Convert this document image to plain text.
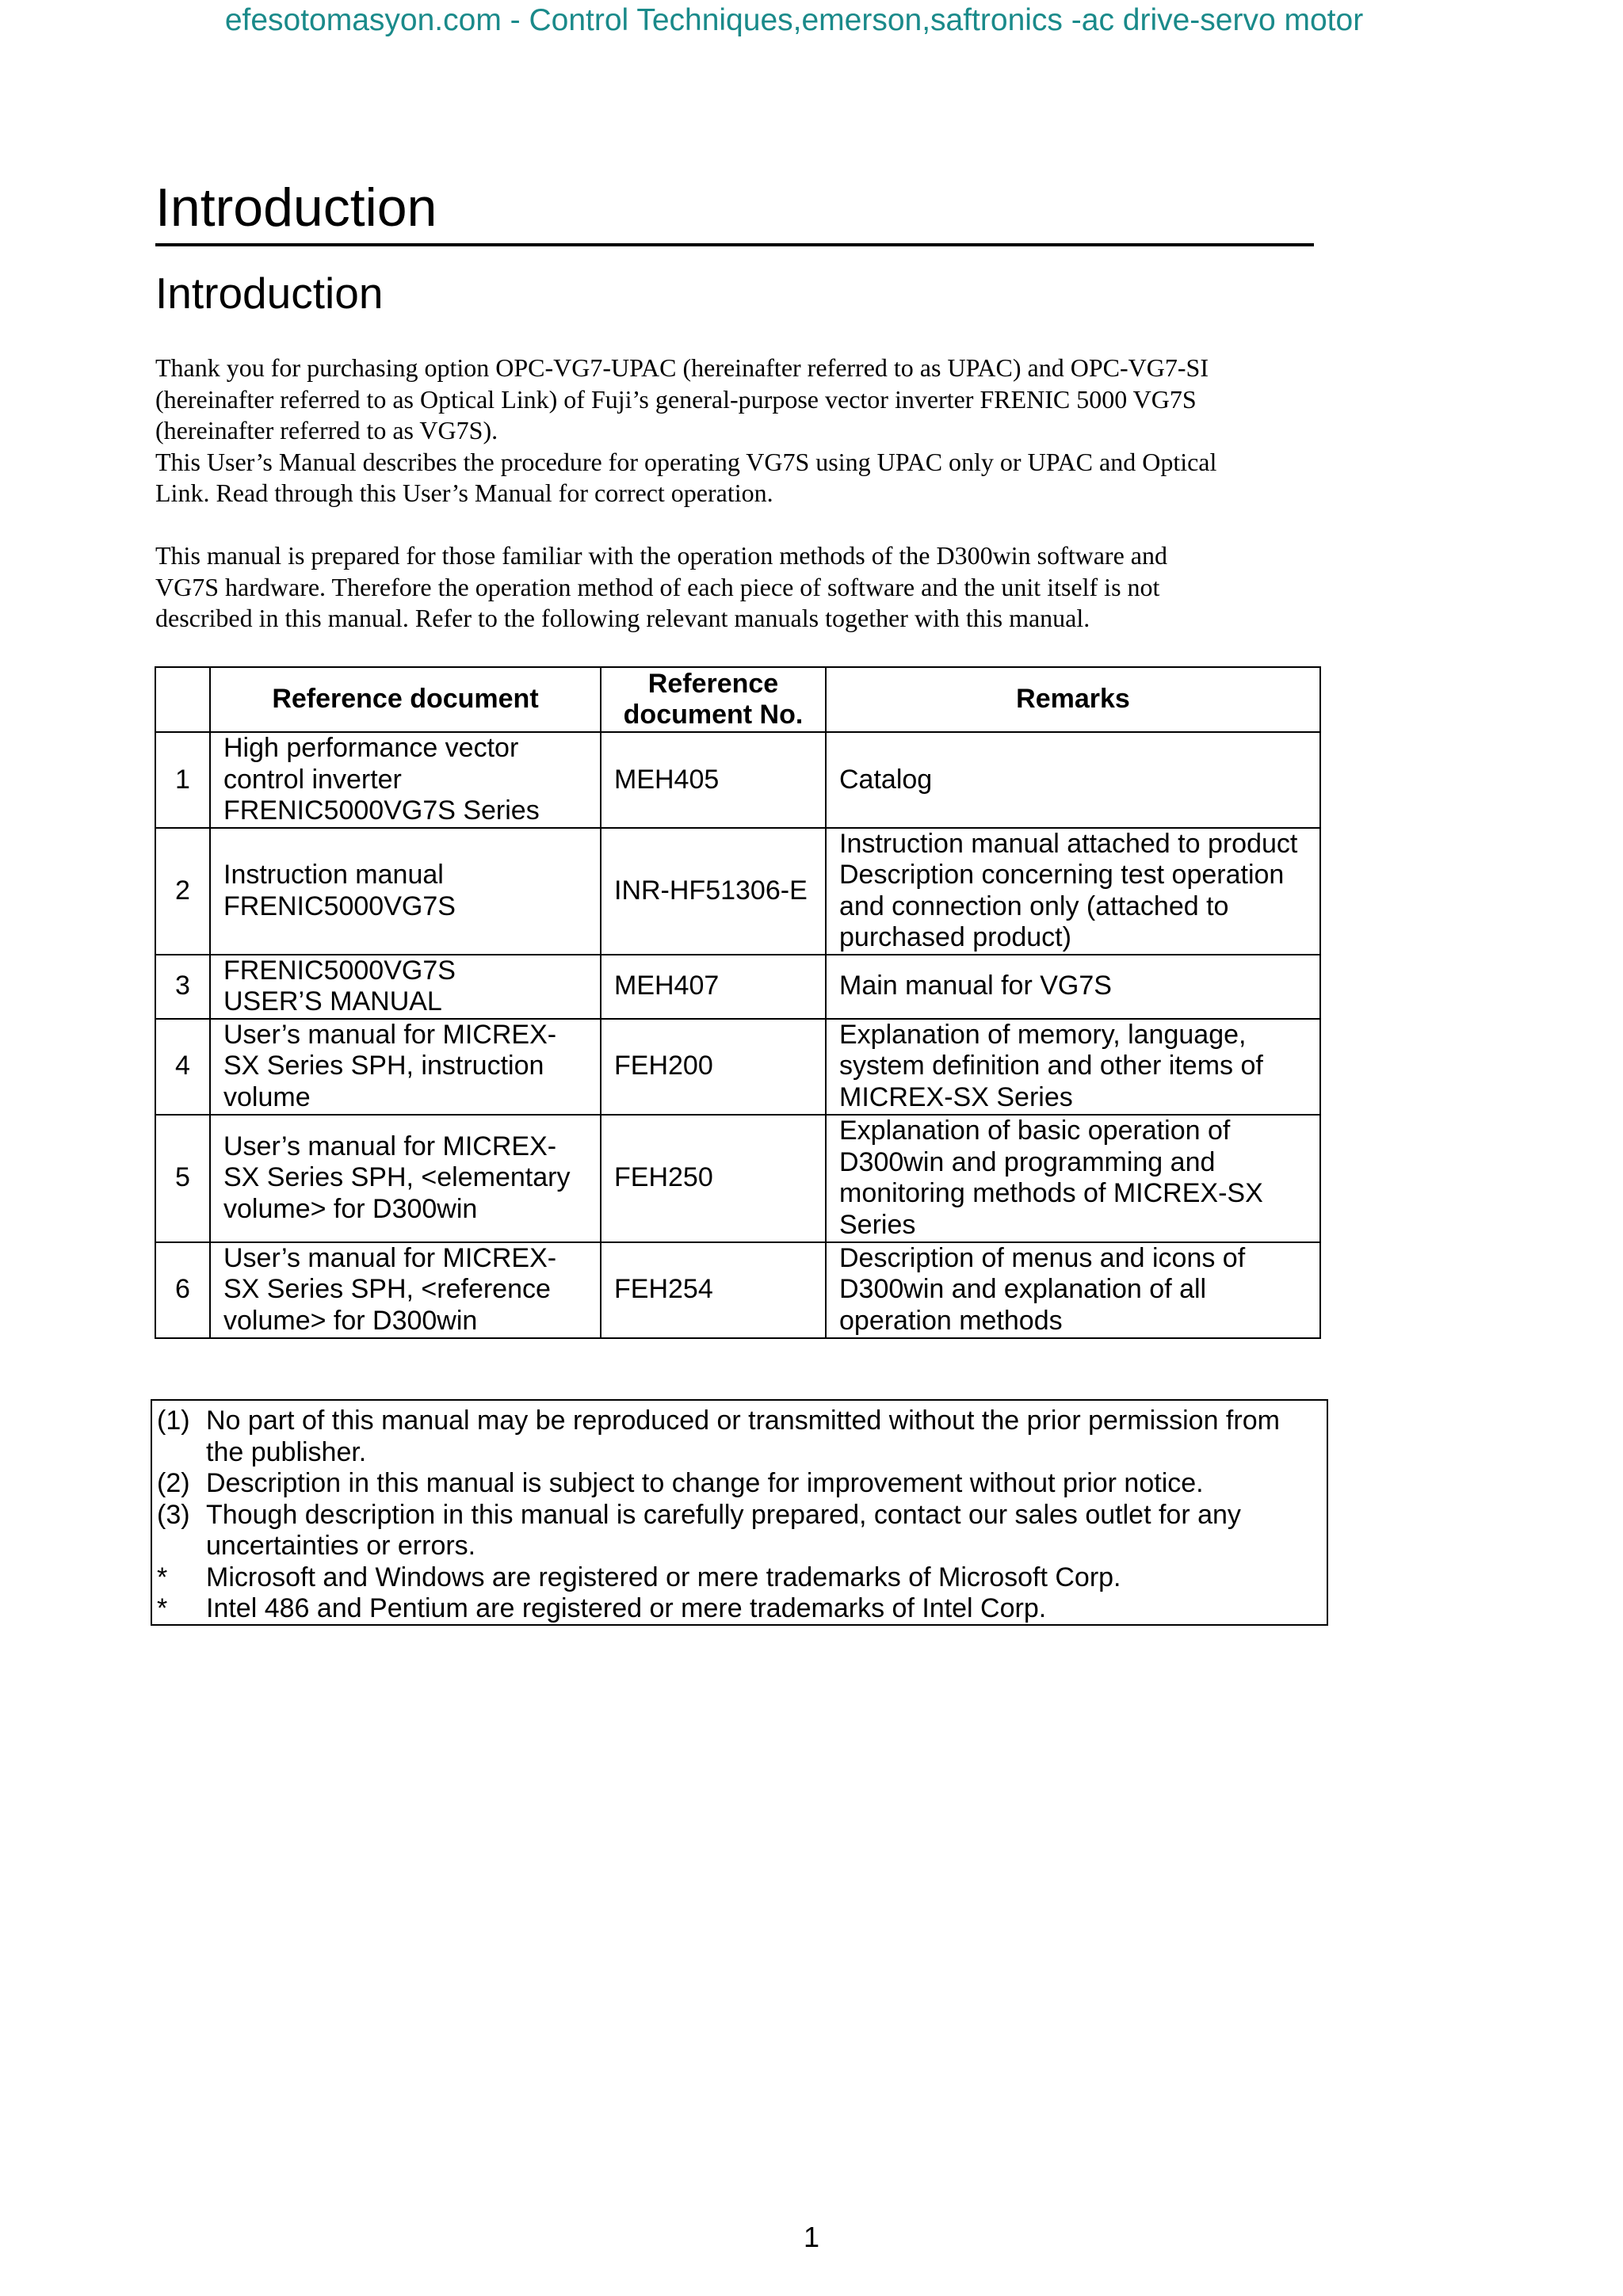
efesotomasyon.com - Control Techniques,emerson,saftronics -ac drive-servo motor
Introduction
Introduction
Thank you for purchasing option OPC-VG7-UPAC (hereinafter referred to as UPAC) and OPC-VG7-SI
(hereinafter referred to as Optical Link) of Fuji’s general-purpose vector inverter FRENIC 5000 VG7S
(hereinafter referred to as VG7S).
This User’s Manual describes the procedure for operating VG7S using UPAC only or UPAC and Optical
Link. Read through this User’s Manual for correct operation.
This manual is prepared for those familiar with the operation methods of the D300win software and
VG7S hardware. Therefore the operation method of each piece of software and the unit itself is not
described in this manual. Refer to the following relevant manuals together with this manual.
	Reference document	Reference
document No.	Remarks
1	High performance vector
control inverter
FRENIC5000VG7S Series	MEH405	Catalog

2	Instruction manual
FRENIC5000VG7S	INR-HF51306-E	Instruction manual attached to product
Description concerning test operation
and connection only (attached to
purchased product)

3	FRENIC5000VG7S
USER’S MANUAL	MEH407	Main manual for VG7S

4	User’s manual for MICREX-
SX Series SPH, instruction
volume	FEH200	Explanation of memory, language,
system definition and other items of
MICREX-SX Series

5	User’s manual for MICREX-
SX Series SPH, <elementary
volume> for D300win	FEH250	Explanation of basic operation of
D300win and programming and
monitoring methods of MICREX-SX
Series

6	User’s manual for MICREX-
SX Series SPH, <reference
volume> for D300win	FEH254	Description of menus and icons of
D300win and explanation of all
operation methods
(1) No part of this manual may be reproduced or transmitted without the prior permission from
the publisher.
(2) Description in this manual is subject to change for improvement without prior notice.
(3) Though description in this manual is carefully prepared, contact our sales outlet for any
uncertainties or errors.
* Microsoft and Windows are registered or mere trademarks of Microsoft Corp.
* Intel 486 and Pentium are registered or mere trademarks of Intel Corp.
1
